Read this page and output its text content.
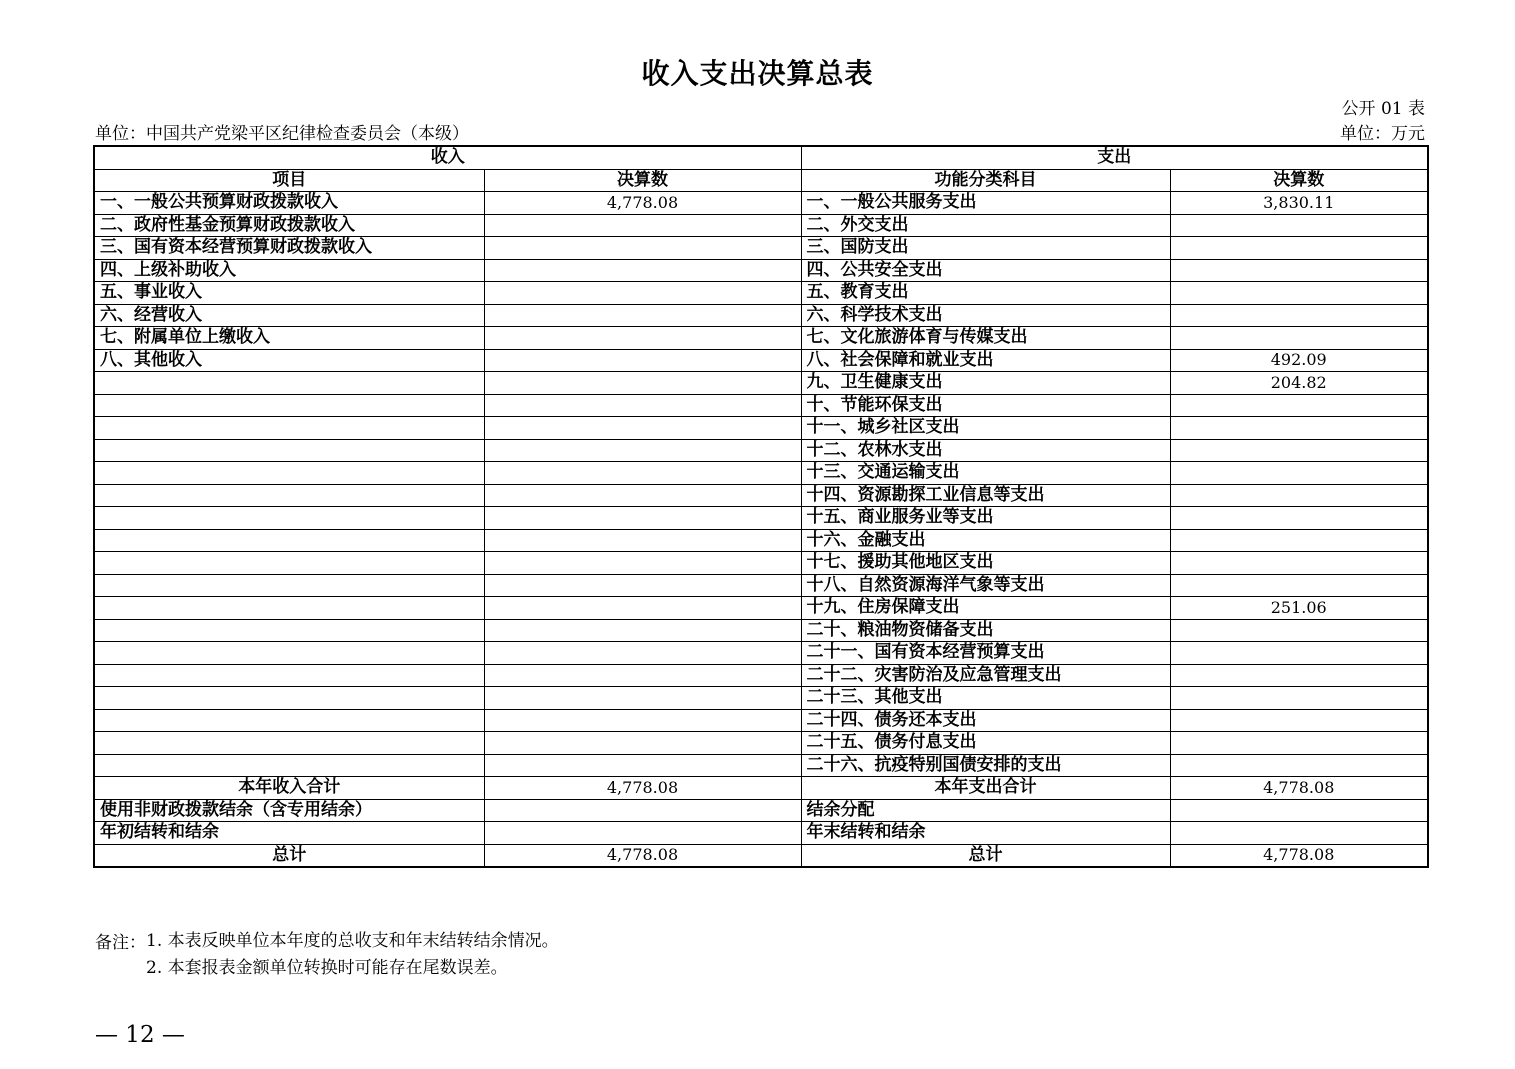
收入支出决算总表
公开 01 表
单位：中国共产党梁平区纪律检查委员会（本级）	单位：万元
收入		支出	
项目	决算数	功能分类科目	决算数
一、一般公共预算财政拨款收入	4,778.08	一、一般公共服务支出	3,830.11
二、政府性基金预算财政拨款收入		二、外交支出	
三、国有资本经营预算财政拨款收入		三、国防支出	
四、上级补助收入		四、公共安全支出	
五、事业收入		五、教育支出	
六、经营收入		六、科学技术支出	
七、附属单位上缴收入		七、文化旅游体育与传媒支出	
八、其他收入		八、社会保障和就业支出	492.09
		九、卫生健康支出	204.82
		十、节能环保支出	
		十一、城乡社区支出	
		十二、农林水支出	
		十三、交通运输支出	
		十四、资源勘探工业信息等支出	
		十五、商业服务业等支出	
		十六、金融支出	
		十七、援助其他地区支出	
		十八、自然资源海洋气象等支出	
		十九、住房保障支出	251.06
		二十、粮油物资储备支出	
		二十一、国有资本经营预算支出	
		二十二、灾害防治及应急管理支出	
		二十三、其他支出	
		二十四、债务还本支出	
		二十五、债务付息支出	
		二十六、抗疫特别国债安排的支出	
本年收入合计	4,778.08	本年支出合计	4,778.08
使用非财政拨款结余（含专用结余）		结余分配	
年初结转和结余		年末结转和结余	
总计	4,778.08	总计	4,778.08
备注： 1. 本表反映单位本年度的总收支和年末结转结余情况。
2. 本套报表金额单位转换时可能存在尾数误差。
— 12 —
